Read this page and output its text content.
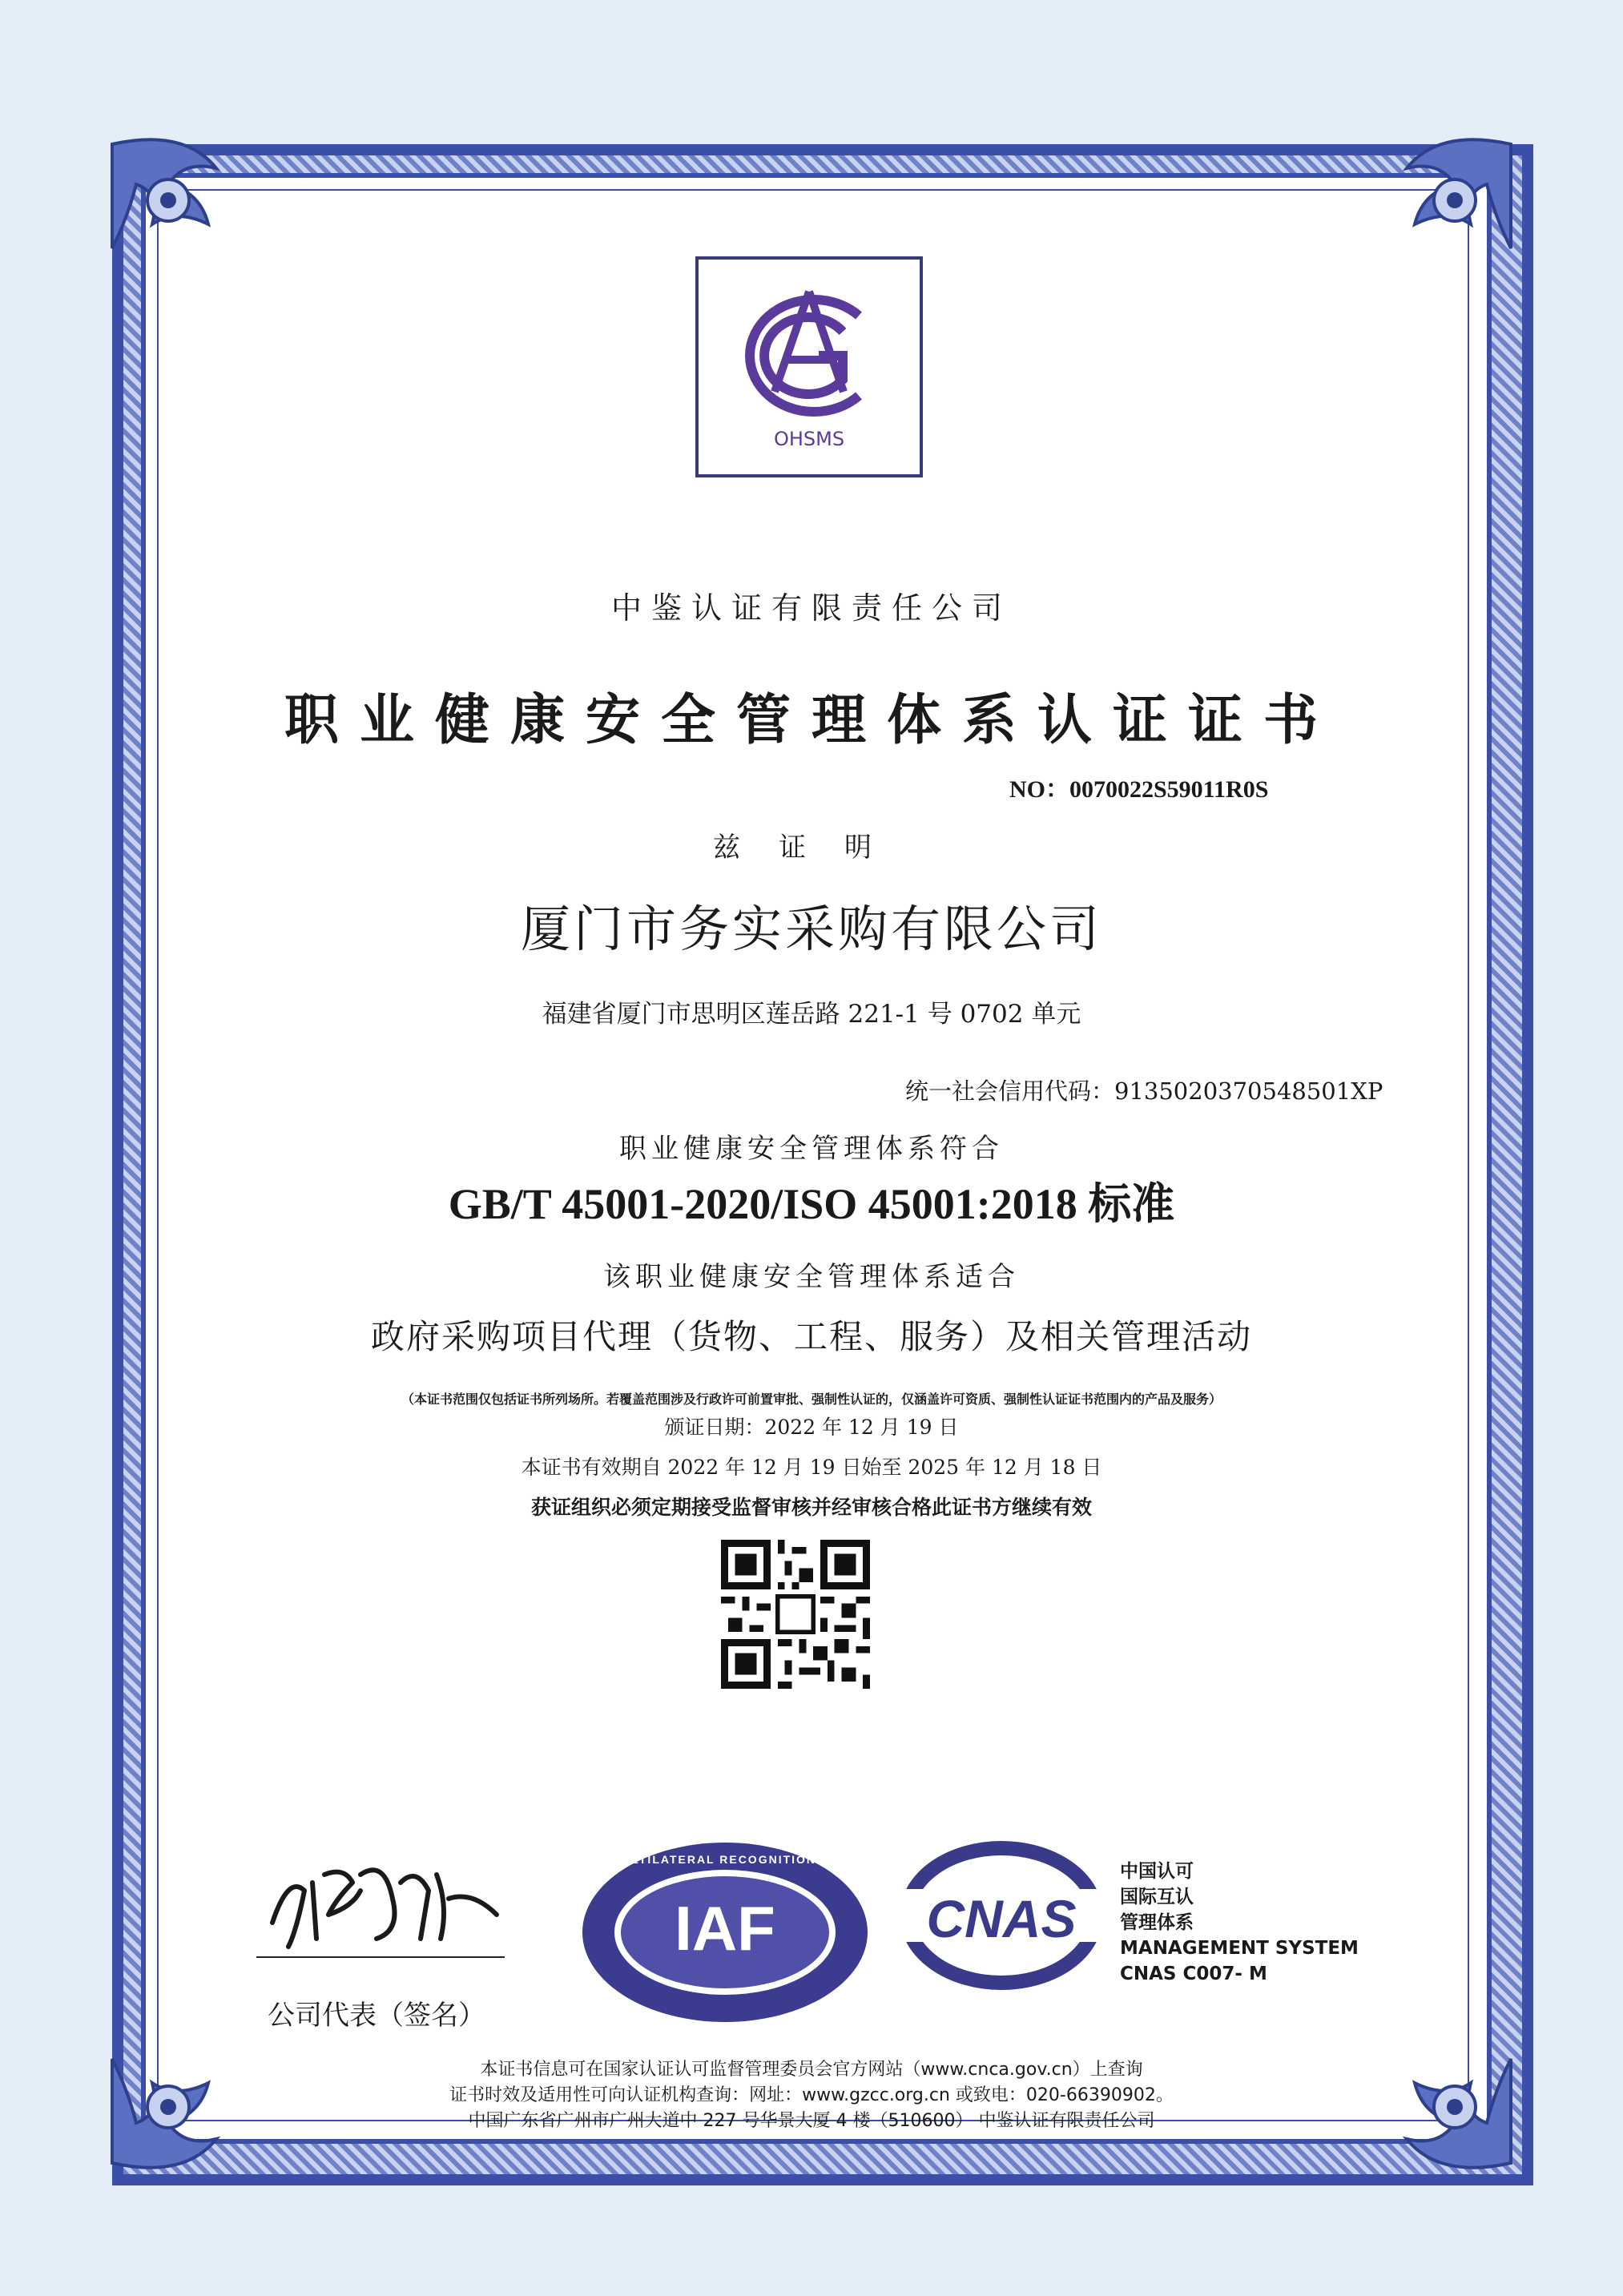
OHSMS
中鉴认证有限责任公司
职业健康安全管理体系认证证书
NO：0070022S59011R0S
兹证明
厦门市务实采购有限公司
福建省厦门市思明区莲岳路 221-1 号 0702 单元
统一社会信用代码：9135020370548501XP
职业健康安全管理体系符合
GB/T 45001-2020/ISO 45001:2018 标准
该职业健康安全管理体系适合
政府采购项目代理（货物、工程、服务）及相关管理活动
（本证书范围仅包括证书所列场所。若覆盖范围涉及行政许可前置审批、强制性认证的，仅涵盖许可资质、强制性认证证书范围内的产品及服务）
颁证日期：2022 年 12 月 19 日
本证书有效期自 2022 年 12 月 19 日始至 2025 年 12 月 18 日
获证组织必须定期接受监督审核并经审核合格此证书方继续有效
公司代表（签名）
IAF
MEMBER OF MULTILATERAL RECOGNITION ARRANGEMENT
CNAS
中国认可
国际互认
管理体系
MANAGEMENT SYSTEM
CNAS C007- M
本证书信息可在国家认证认可监督管理委员会官方网站（www.cnca.gov.cn）上查询
证书时效及适用性可向认证机构查询：网址：www.gzcc.org.cn 或致电：020-66390902。
中国广东省广州市广州大道中 227 号华景大厦 4 楼（510600） 中鉴认证有限责任公司
